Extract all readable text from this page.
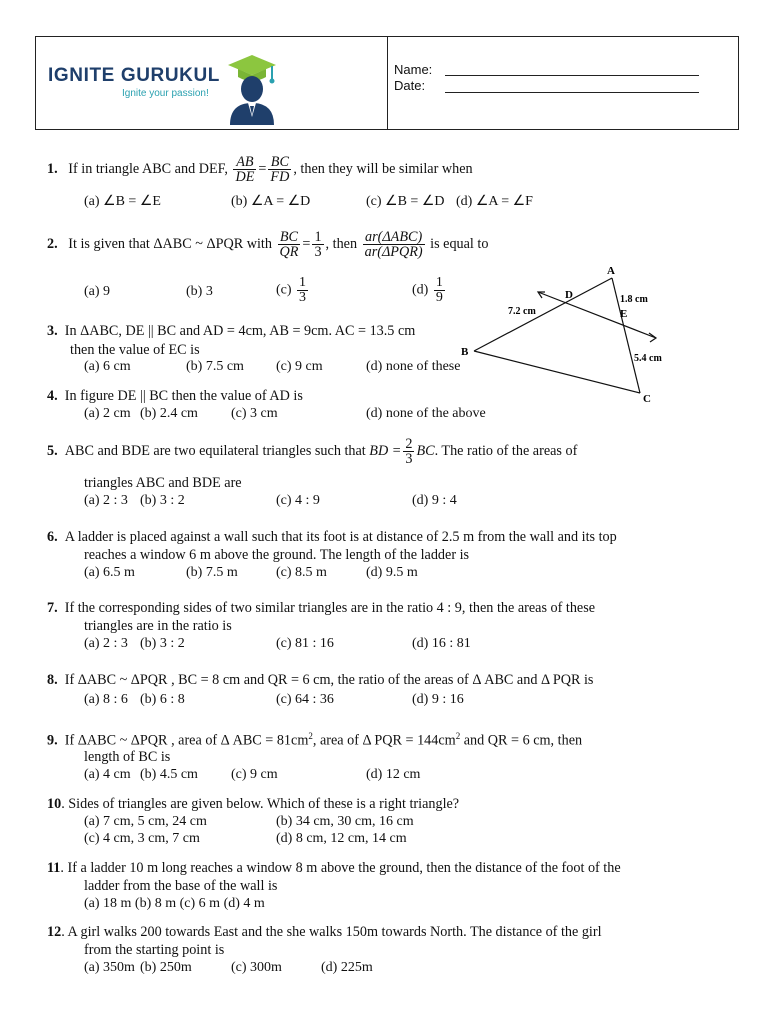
IGNITE GURUKUL
Ignite your passion!
Name:
Date:
1. If in triangle ABC and DEF, $\frac{AB}{DE} = \frac{BC}{FD}$ , then they will be similar when
(a) ∠B = ∠E	(b) ∠A = ∠D	(c) ∠B = ∠D (d) ∠A = ∠F
2. It is given that ΔABC ~ ΔPQR with $\frac{BC}{QR} = \frac{1}{3}$ , then ar(ΔABC)
ar(ΔPQR)
is equal to
(a) 9	(b) 3	$(c) \frac{1}{3}$	$(d) \frac{1}{9}$
3. In ΔABC, DE || BC and AD = 4cm, AB = 9cm. AC = 13.5 cm
then the value of EC is
(a) 6 cm	(b) 7.5 cm (c) 9 cm	(d) none of these
4. In figure DE || BC then the value of AD is
(a) 2 cm (b) 2.4 cm (c) 3 cm	(d) none of the above
A
B
C
D
E
7.2 cm
1.8 cm
5.4 cm
5. ABC and BDE are two equilateral triangles such that BD = $\frac{2}{3}$ BC. The ratio of the areas of
triangles ABC and BDE are
(a) 2 : 3 (b) 3 : 2	(c) 4 : 9	(d) 9 : 4
6. A ladder is placed against a wall such that its foot is at distance of 2.5 m from the wall and its top
reaches a window 6 m above the ground. The length of the ladder is
(a) 6.5 m	(b) 7.5 m	(c) 8.5 m	(d) 9.5 m
7. If the corresponding sides of two similar triangles are in the ratio 4 : 9, then the areas of these
triangles are in the ratio is
(a) 2 : 3 (b) 3 : 2	(c) 81 : 16	(d) 16 : 81
8. If ΔABC ~ ΔPQR , BC = 8 cm and QR = 6 cm, the ratio of the areas of Δ ABC and Δ PQR is
(a) 8 : 6 (b) 6 : 8	(c) 64 : 36	(d) 9 : 16
9. If ΔABC ~ ΔPQR , area of Δ ABC = $81cm^2$, area of Δ PQR = $144cm^2$ and QR = 6 cm, then
length of BC is
(a) 4 cm (b) 4.5 cm (c) 9 cm	(d) 12 cm
10. Sides of triangles are given below. Which of these is a right triangle?
(a) 7 cm, 5 cm, 24 cm	(b) 34 cm, 30 cm, 16 cm
(c) 4 cm, 3 cm, 7 cm	(d) 8 cm, 12 cm, 14 cm
11. If a ladder 10 m long reaches a window 8 m above the ground, then the distance of the foot of the
ladder from the base of the wall is
(a) 18 m (b) 8 m (c) 6 m (d) 4 m
12. A girl walks 200 towards East and the she walks 150m towards North. The distance of the girl
from the starting point is
(a) 350m (b) 250m	(c) 300m	(d) 225m
